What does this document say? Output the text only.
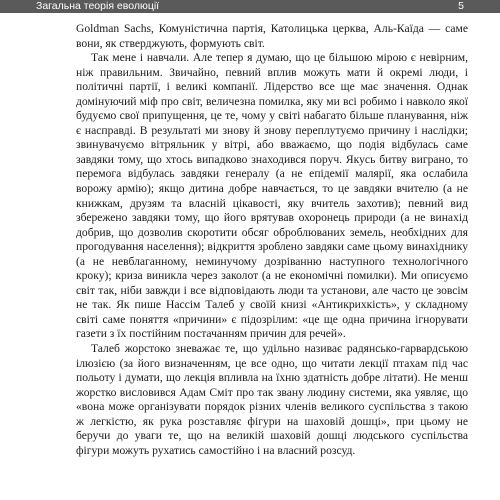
Загальна теорія еволюції	5

Goldman Sachs, Комуністична партія, Католицька церква, Аль-Каїда — саме вони, як стверджують, формують світ.

Так мене і навчали. Але тепер я думаю, що це більшою мірою є невірним, ніж правильним. Звичайно, певний вплив можуть мати й окремі люди, і політичні партії, і великі компанії. Лідерство все ще має значення. Однак домінуючий міф про світ, величезна помилка, яку ми всі робимо і навколо якої будуємо свої припущення, це те, чому у світі набагато більше планування, ніж є насправді. В результаті ми знову й знову переплутуємо причину і наслідки; звинувачуємо вітряльник у вітрі, або вважаємо, що подія відбулась саме завдяки тому, що хтось випадково знаходився поруч. Якусь битву виграно, то перемога відбулась завдяки генералу (а не епідемії малярії, яка ослабила ворожу армію); якщо дитина добре навчається, то це завдяки вчителю (а не книжкам, друзям та власній цікавості, яку вчитель захотив); певний вид збережено завдяки тому, що його врятував охоронець природи (а не винахід добрив, що дозволив скоротити обсяг оброблюваних земель, необхідних для прогодування населення); відкриття зроблено завдяки саме цьому винахіднику (а не невблаганному, неминучому дозріванню наступного технологічного кроку); криза виникла через заколот (а не економічні помилки). Ми описуємо світ так, ніби завжди і все відповідають люди та установи, але часто це зовсім не так. Як пише Нассім Талеб у своїй книзі «Антикрихкість», у складному світі саме поняття «причини» є підозрілим: «це ще одна причина ігнорувати газети з їх постійним постачанням причин для речей».

Талеб жорстоко зневажає те, що удільно називає радянсько-гарвардською ілюзією (за його визначенням, це все одно, що читати лекції птахам під час польоту і думати, що лекція впливла на їхню здатність добре літати). Не менш жорстко висловився Адам Сміт про так звану людину системи, яка уявляє, що «вона може організувати порядок різних членів великого суспільства з такою ж легкістю, як рука розставляє фігури на шаховій дошці», при цьому не беручи до уваги те, що на великій шаховій дошці людського суспільства фігури можуть рухатись самостійно і на власний розсуд.
